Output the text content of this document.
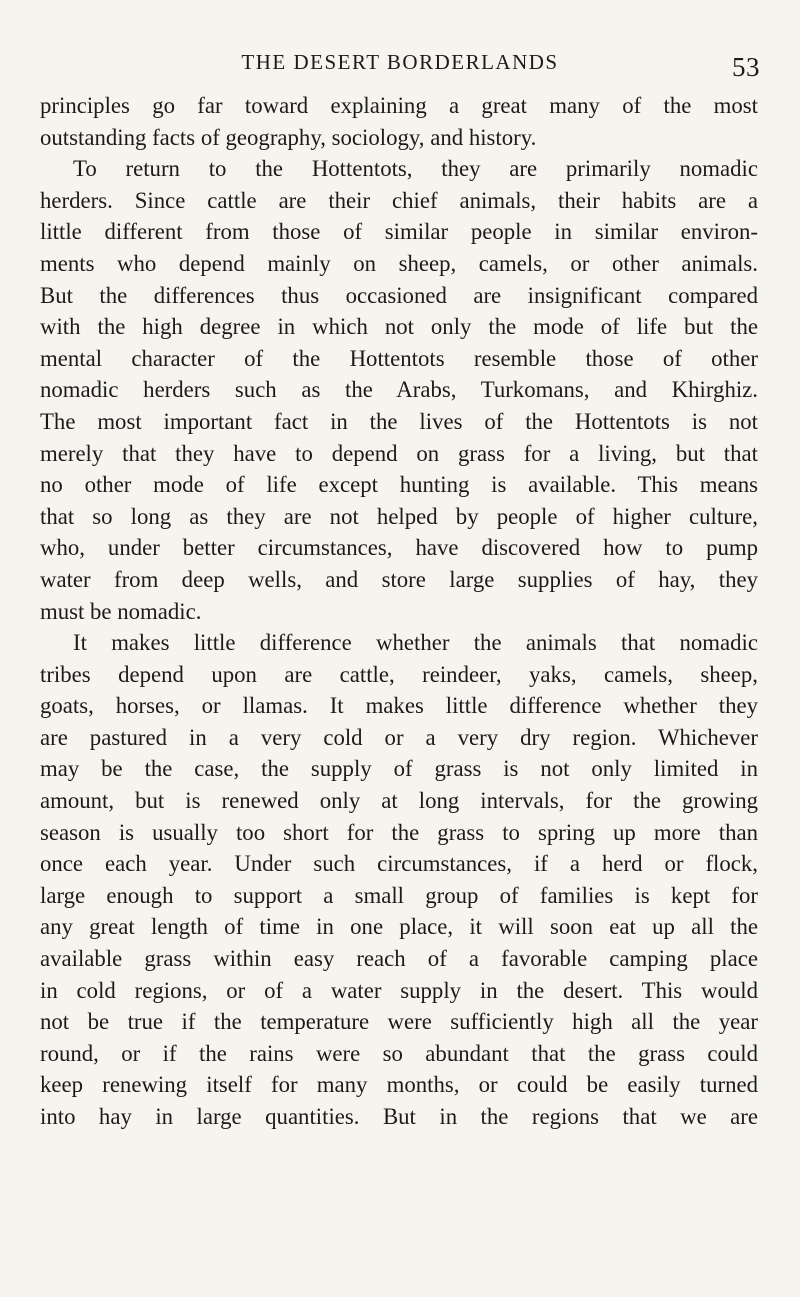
THE DESERT BORDERLANDS	53

principles go far toward explaining a great many of the most
outstanding facts of geography, sociology, and history.

To return to the Hottentots, they are primarily nomadic
herders. Since cattle are their chief animals, their habits are a
little different from those of similar people in similar environ-
ments who depend mainly on sheep, camels, or other animals.
But the differences thus occasioned are insignificant compared
with the high degree in which not only the mode of life but the
mental character of the Hottentots resemble those of other
nomadic herders such as the Arabs, Turkomans, and Khirghiz.
The most important fact in the lives of the Hottentots is not
merely that they have to depend on grass for a living, but that
no other mode of life except hunting is available. This means
that so long as they are not helped by people of higher culture,
who, under better circumstances, have discovered how to pump
water from deep wells, and store large supplies of hay, they
must be nomadic.

It makes little difference whether the animals that nomadic
tribes depend upon are cattle, reindeer, yaks, camels, sheep,
goats, horses, or llamas. It makes little difference whether they
are pastured in a very cold or a very dry region. Whichever
may be the case, the supply of grass is not only limited in
amount, but is renewed only at long intervals, for the growing
season is usually too short for the grass to spring up more than
once each year. Under such circumstances, if a herd or flock,
large enough to support a small group of families is kept for
any great length of time in one place, it will soon eat up all the
available grass within easy reach of a favorable camping place
in cold regions, or of a water supply in the desert. This would
not be true if the temperature were sufficiently high all the year
round, or if the rains were so abundant that the grass could
keep renewing itself for many months, or could be easily turned
into hay in large quantities. But in the regions that we are
